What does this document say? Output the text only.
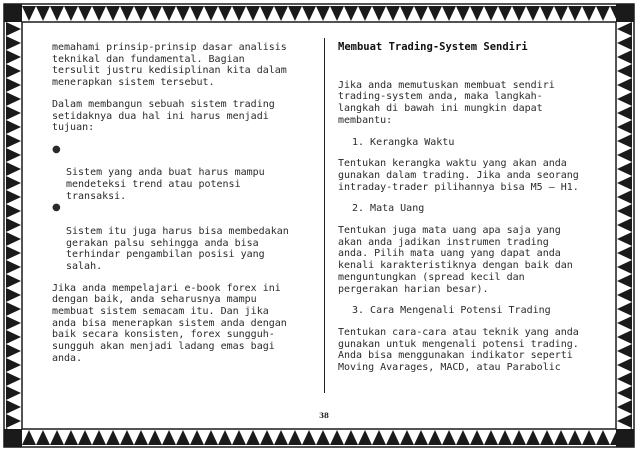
memahami prinsip-prinsip dasar analisis
teknikal dan fundamental. Bagian
tersulit justru kedisiplinan kita dalam
menerapkan sistem tersebut.

Dalam membangun sebuah sistem trading
setidaknya dua hal ini harus menjadi
tujuan:

●

Sistem yang anda buat harus mampu
mendeteksi trend atau potensi
transaksi.

●

Sistem itu juga harus bisa membedakan
gerakan palsu sehingga anda bisa
terhindar pengambilan posisi yang
salah.

Jika anda mempelajari e-book forex ini
dengan baik, anda seharusnya mampu
membuat sistem semacam itu. Dan jika
anda bisa menerapkan sistem anda dengan
baik secara konsisten, forex sungguh-
sungguh akan menjadi ladang emas bagi
anda.

Membuat Trading-System Sendiri

Jika anda memutuskan membuat sendiri
trading-system anda, maka langkah-
langkah di bawah ini mungkin dapat
membantu:

1. Kerangka Waktu

Tentukan kerangka waktu yang akan anda
gunakan dalam trading. Jika anda seorang
intraday-trader pilihannya bisa M5 – H1.

2. Mata Uang

Tentukan juga mata uang apa saja yang
akan anda jadikan instrumen trading
anda. Pilih mata uang yang dapat anda
kenali karakteristiknya dengan baik dan
menguntungkan (spread kecil dan
pergerakan harian besar).

3. Cara Mengenali Potensi Trading

Tentukan cara-cara atau teknik yang anda
gunakan untuk mengenali potensi trading.
Anda bisa menggunakan indikator seperti
Moving Avarages, MACD, atau Parabolic

38
